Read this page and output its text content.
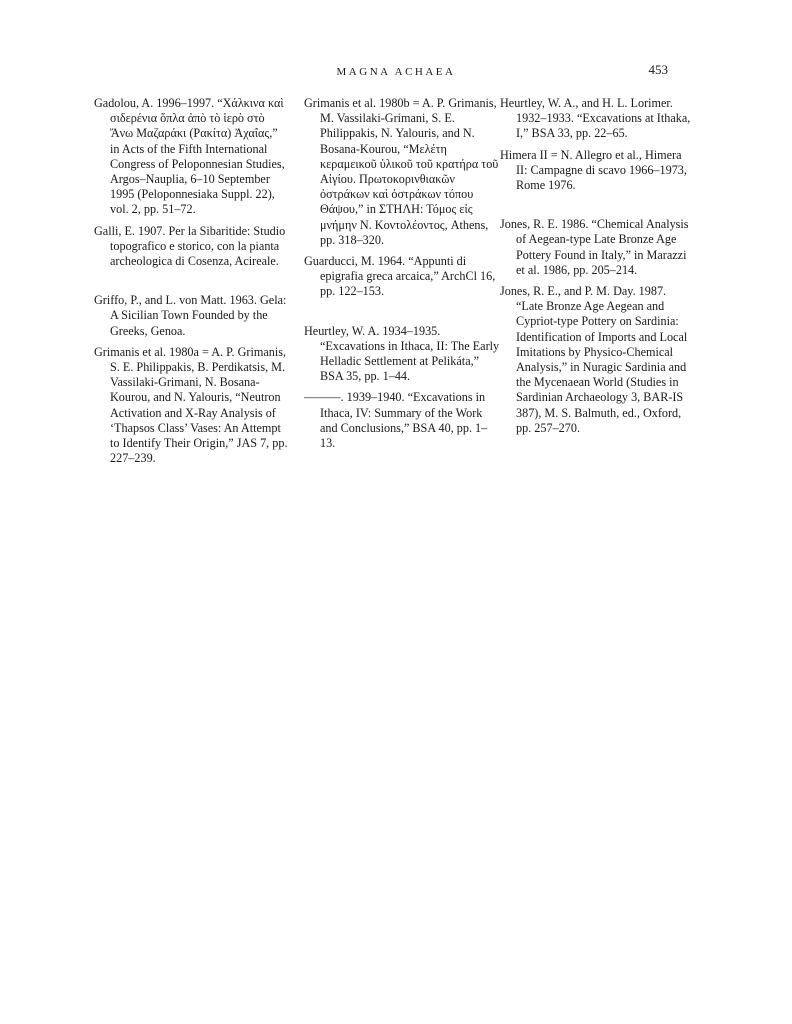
MAGNA ACHAEA	453

Gadolou, A. 1996–1997. “Χάλκινα καὶ σιδερένια ὅπλα ἀπὸ τὸ ἱερὸ στὸ Ἄνω Μαζαράκι (Ρακίτα) Ἀχαΐας,” in Acts of the Fifth International Congress of Peloponnesian Studies, Argos–Nauplia, 6–10 September 1995 (Peloponnesiaka Suppl. 22), vol. 2, pp. 51–72.

Galli, E. 1907. Per la Sibaritide: Studio topografico e storico, con la pianta archeologica di Cosenza, Acireale.

Griffo, P., and L. von Matt. 1963. Gela: A Sicilian Town Founded by the Greeks, Genoa.

Grimanis et al. 1980a = A. P. Grimanis, S. E. Philippakis, B. Perdikatsis, M. Vassilaki-Grimani, N. Bosana-Kourou, and N. Yalouris, “Neutron Activation and X-Ray Analysis of ‘Thapsos Class’ Vases: An Attempt to Identify Their Origin,” JAS 7, pp. 227–239.

Grimanis et al. 1980b = A. P. Grimanis, M. Vassilaki-Grimani, S. E. Philippakis, N. Yalouris, and N. Bosana-Kourou, “Μελέτη κεραμεικοῦ ὑλικοῦ τοῦ κρατήρα τοῦ Αἰγίου. Πρωτοκορινθιακῶν ὀστράκων καὶ ὀστράκων τόπου Θάψου,” in ΣΤΗΛΗ: Τόμος εἰς μνήμην Ν. Κοντολέοντος, Athens, pp. 318–320.

Guarducci, M. 1964. “Appunti di epigrafia greca arcaica,” ArchCl 16, pp. 122–153.

Heurtley, W. A. 1934–1935. “Excavations in Ithaca, II: The Early Helladic Settlement at Pelikáta,” BSA 35, pp. 1–44.

———. 1939–1940. “Excavations in Ithaca, IV: Summary of the Work and Conclusions,” BSA 40, pp. 1–13.

Heurtley, W. A., and H. L. Lorimer. 1932–1933. “Excavations at Ithaka, I,” BSA 33, pp. 22–65.

Himera II = N. Allegro et al., Himera II: Campagne di scavo 1966–1973, Rome 1976.

Jones, R. E. 1986. “Chemical Analysis of Aegean-type Late Bronze Age Pottery Found in Italy,” in Marazzi et al. 1986, pp. 205–214.

Jones, R. E., and P. M. Day. 1987. “Late Bronze Age Aegean and Cypriot-type Pottery on Sardinia: Identification of Imports and Local Imitations by Physico-Chemical Analysis,” in Nuragic Sardinia and the Mycenaean World (Studies in Sardinian Archaeology 3, BAR-IS 387), M. S. Balmuth, ed., Oxford, pp. 257–270.
